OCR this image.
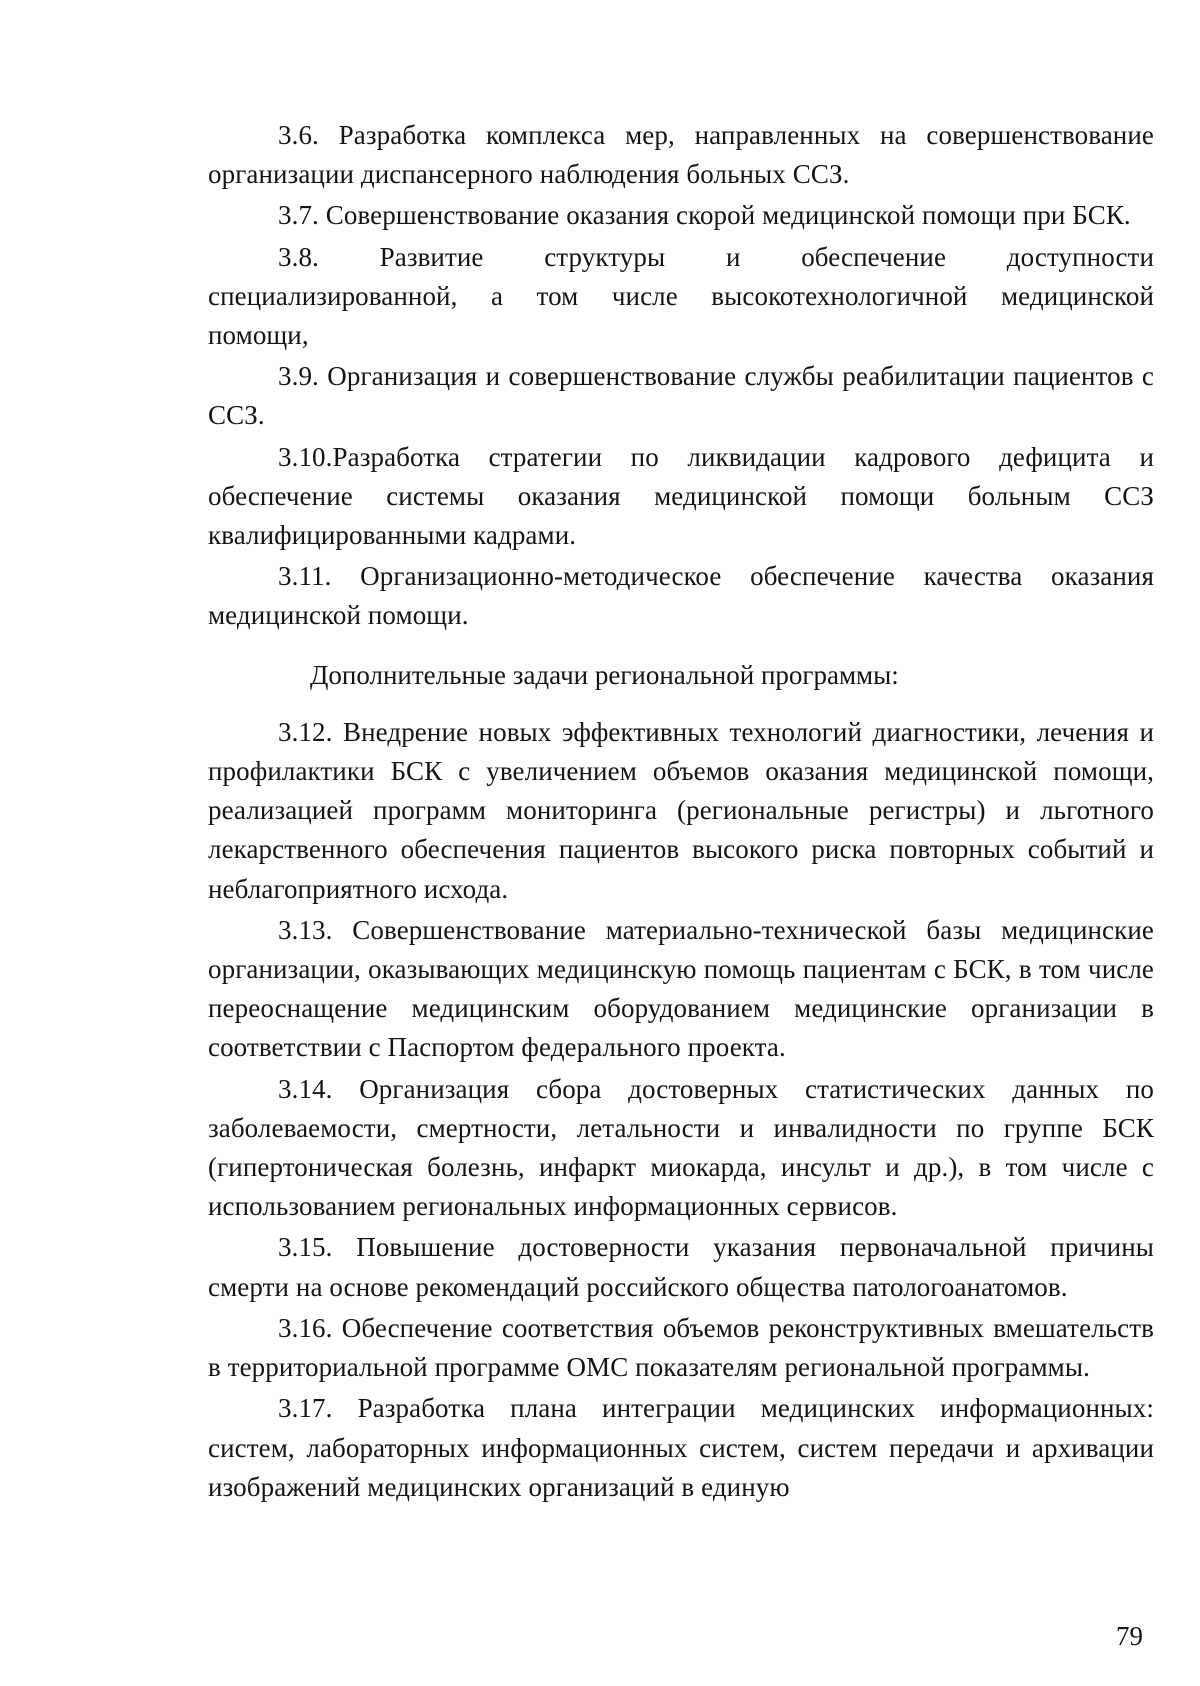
3.6. Разработка комплекса мер, направленных на совершенствование организации диспансерного наблюдения больных ССЗ.

3.7. Совершенствование оказания скорой медицинской помощи при БСК.

3.8. Развитие структуры и обеспечение доступности специализированной, а том числе высокотехнологичной медицинской помощи,

3.9. Организация и совершенствование службы реабилитации пациентов с ССЗ.

3.10.Разработка стратегии по ликвидации кадрового дефицита и обеспечение системы оказания медицинской помощи больным ССЗ квалифицированными кадрами.

3.11. Организационно-методическое обеспечение качества оказания медицинской помощи.

Дополнительные задачи региональной программы:

3.12. Внедрение новых эффективных технологий диагностики, лечения и профилактики БСК с увеличением объемов оказания медицинской помощи, реализацией программ мониторинга (региональные регистры) и льготного лекарственного обеспечения пациентов высокого риска повторных событий и неблагоприятного исхода.

3.13. Совершенствование материально-технической базы медицинские организации, оказывающих медицинскую помощь пациентам с БСК, в том числе переоснащение медицинским оборудованием медицинские организации в соответствии с Паспортом федерального проекта.

3.14. Организация сбора достоверных статистических данных по заболеваемости, смертности, летальности и инвалидности по группе БСК (гипертоническая болезнь, инфаркт миокарда, инсульт и др.), в том числе с использованием региональных информационных сервисов.

3.15. Повышение достоверности указания первоначальной причины смерти на основе рекомендаций российского общества патологоанатомов.

3.16. Обеспечение соответствия объемов реконструктивных вмешательств в территориальной программе ОМС показателям региональной программы.

3.17. Разработка плана интеграции медицинских информационных: систем, лабораторных информационных систем, систем передачи и архивации изображений медицинских организаций в единую

79
